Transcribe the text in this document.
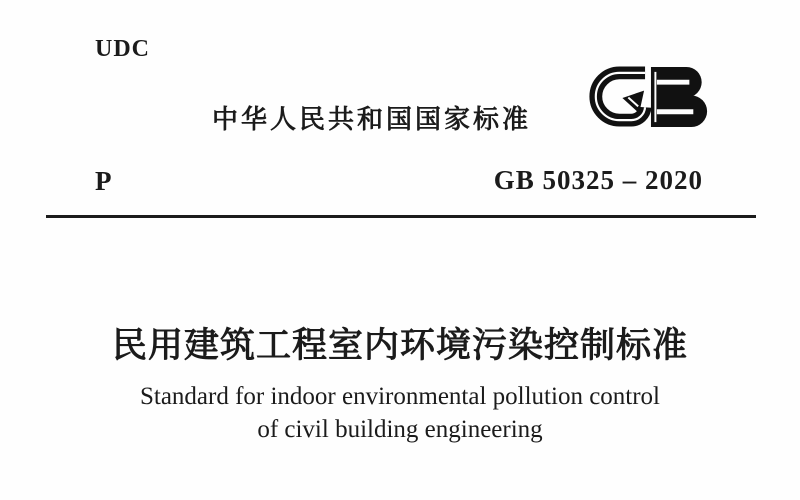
UDC
中华人民共和国国家标准
P	GB 50325 – 2020
民用建筑工程室内环境污染控制标准
Standard for indoor environmental pollution control
of civil building engineering
